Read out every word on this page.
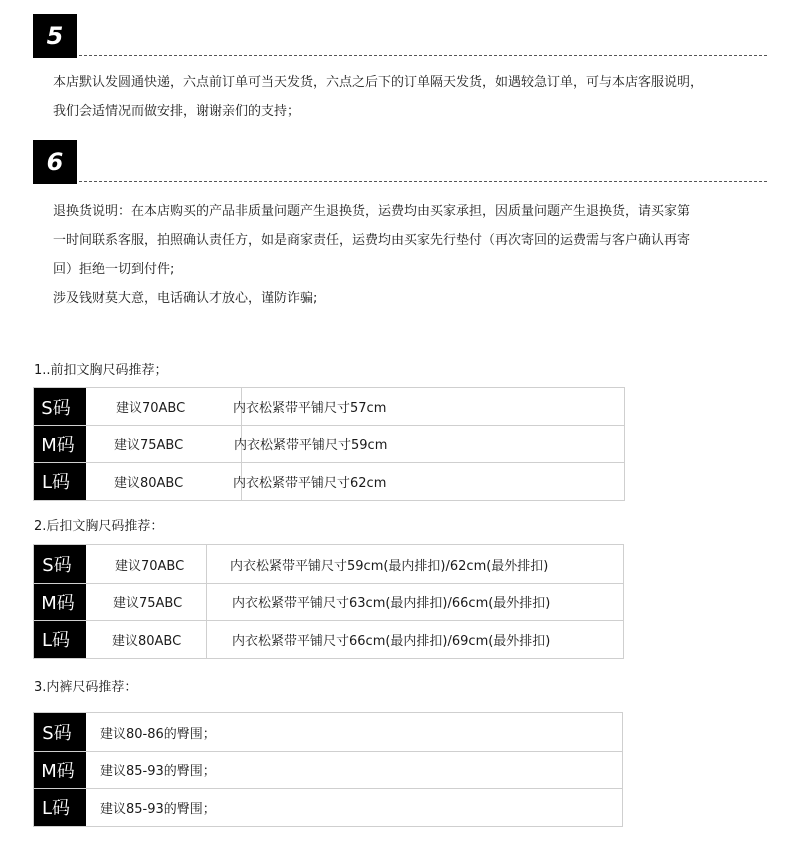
5
本店默认发圆通快递，六点前订单可当天发货，六点之后下的订单隔天发货，如遇较急订单，可与本店客服说明，
我们会适情况而做安排，谢谢亲们的支持；
6
退换货说明：在本店购买的产品非质量问题产生退换货，运费均由买家承担，因质量问题产生退换货，请买家第
一时间联系客服，拍照确认责任方，如是商家责任，运费均由买家先行垫付（再次寄回的运费需与客户确认再寄
回）拒绝一切到付件;
涉及钱财莫大意，电话确认才放心，谨防诈骗;
1..前扣文胸尺码推荐；
S码	建议70ABC	内衣松紧带平铺尺寸57cm
M码	建议75ABC	内衣松紧带平铺尺寸59cm
L码	建议80ABC	内衣松紧带平铺尺寸62cm
2.后扣文胸尺码推荐：
S码	建议70ABC	内衣松紧带平铺尺寸59cm(最内排扣)/62cm(最外排扣)
M码	建议75ABC	内衣松紧带平铺尺寸63cm(最内排扣)/66cm(最外排扣)
L码	建议80ABC	内衣松紧带平铺尺寸66cm(最内排扣)/69cm(最外排扣)
3.内裤尺码推荐：
S码	建议80-86的臀围；
M码	建议85-93的臀围；
L码	建议85-93的臀围；
